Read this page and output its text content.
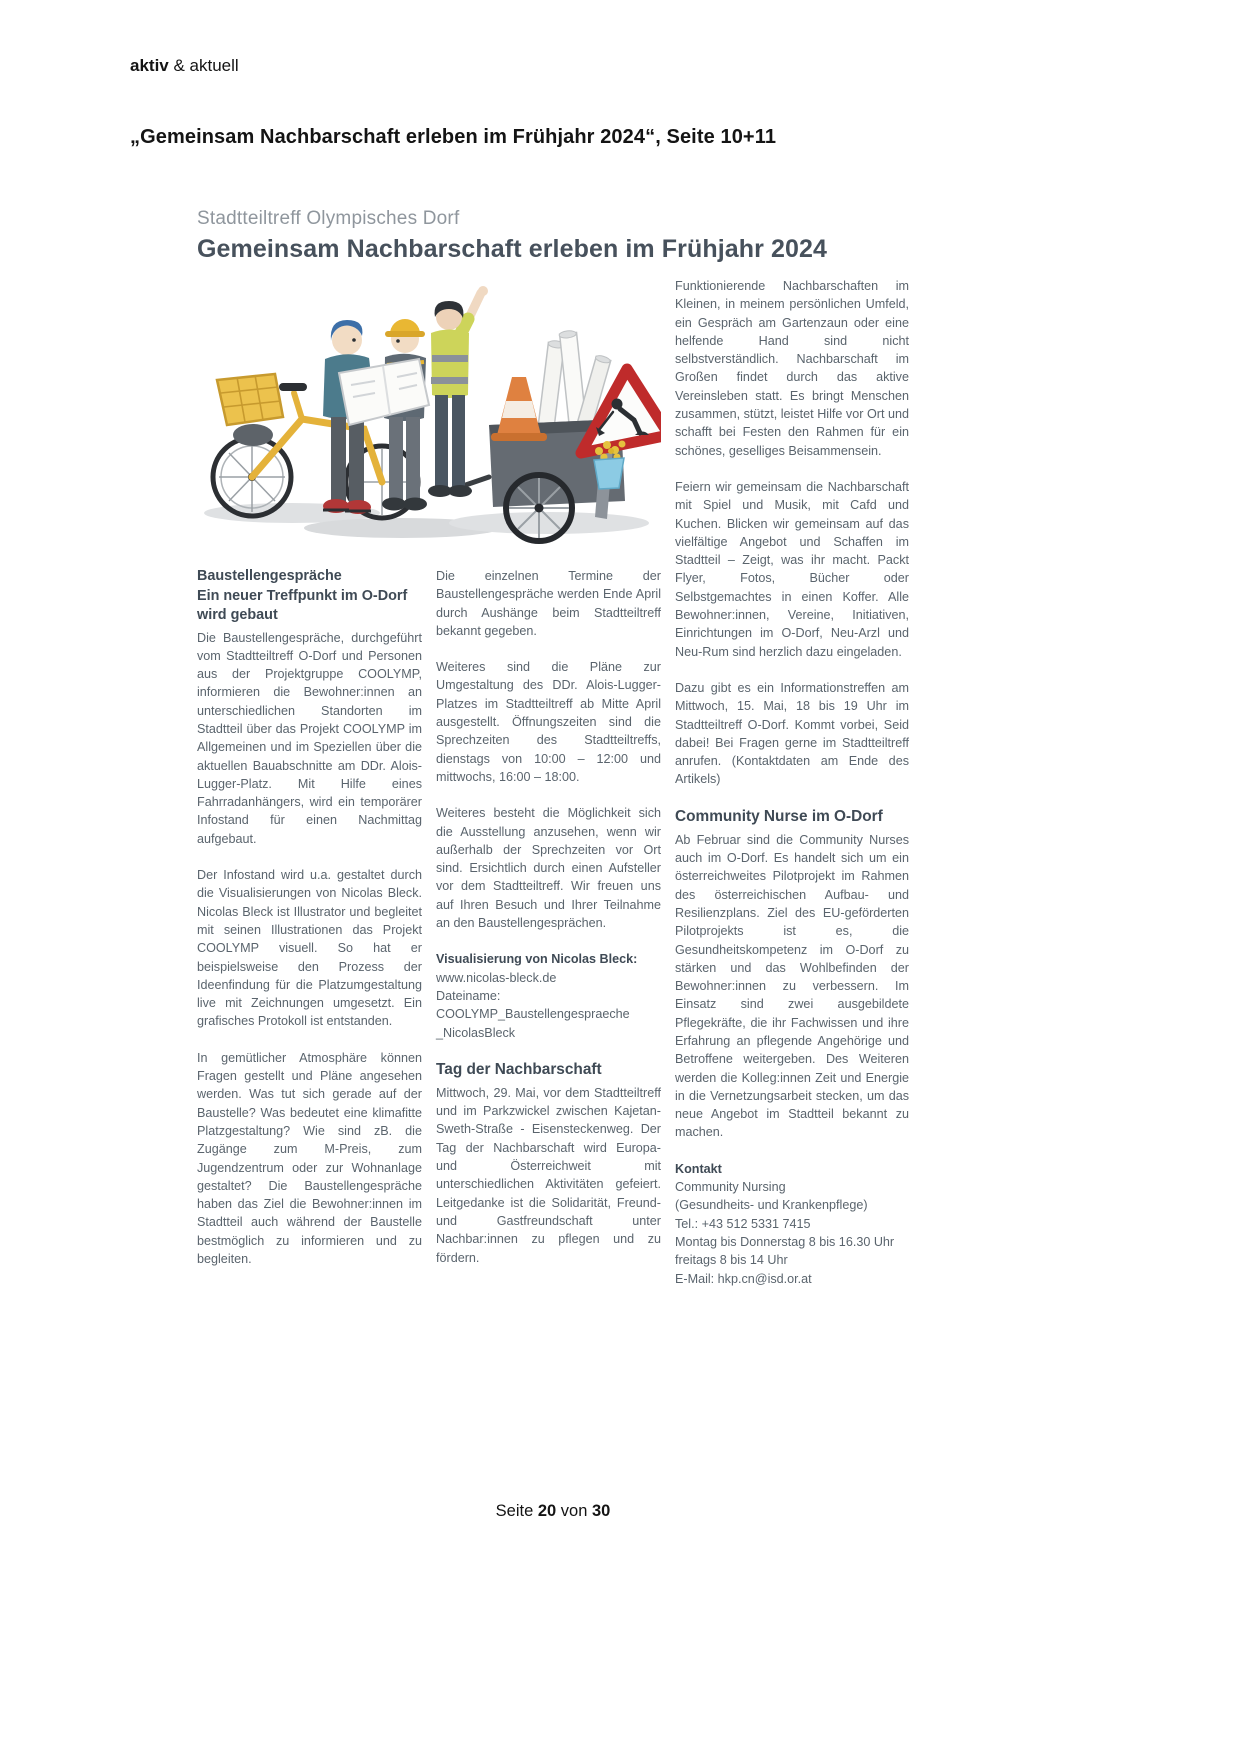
aktiv & aktuell
„Gemeinsam Nachbarschaft erleben im Frühjahr 2024“, Seite 10+11
Stadtteiltreff Olympisches Dorf
Gemeinsam Nachbarschaft erleben im Frühjahr 2024
Baustellengespräche
Ein neuer Treffpunkt im O-Dorf wird gebaut

Die Baustellengespräche, durchgeführt vom Stadtteiltreff O-Dorf und Personen aus der Projektgruppe COOLYMP, informieren die Bewohner:innen an unterschiedlichen Standorten im Stadtteil über das Projekt COOLYMP im Allgemeinen und im Speziellen über die aktuellen Bauabschnitte am DDr. Alois-Lugger-Platz. Mit Hilfe eines Fahrradanhängers, wird ein temporärer Infostand für einen Nachmittag aufgebaut.

Der Infostand wird u.a. gestaltet durch die Visualisierungen von Nicolas Bleck. Nicolas Bleck ist Illustrator und begleitet mit seinen Illustrationen das Projekt COOLYMP visuell. So hat er beispielsweise den Prozess der Ideenfindung für die Platzumgestaltung live mit Zeichnungen umgesetzt. Ein grafisches Protokoll ist entstanden.

In gemütlicher Atmosphäre können Fragen gestellt und Pläne angesehen werden. Was tut sich gerade auf der Baustelle? Was bedeutet eine klimafitte Platzgestaltung? Wie sind zB. die Zugänge zum M-Preis, zum Jugendzentrum oder zur Wohnanlage gestaltet? Die Baustellengespräche haben das Ziel die Bewohner:innen im Stadtteil auch während der Baustelle bestmöglich zu informieren und zu begleiten.

Die einzelnen Termine der Baustellengespräche werden Ende April durch Aushänge beim Stadtteiltreff bekannt gegeben.

Weiteres sind die Pläne zur Umgestaltung des DDr. Alois-Lugger-Platzes im Stadtteiltreff ab Mitte April ausgestellt. Öffnungszeiten sind die Sprechzeiten des Stadtteiltreffs, dienstags von 10:00 – 12:00 und mittwochs, 16:00 – 18:00.

Weiteres besteht die Möglichkeit sich die Ausstellung anzusehen, wenn wir außerhalb der Sprechzeiten vor Ort sind. Ersichtlich durch einen Aufsteller vor dem Stadtteiltreff. Wir freuen uns auf Ihren Besuch und Ihrer Teilnahme an den Baustellengesprächen.

Visualisierung von Nicolas Bleck:
www.nicolas-bleck.de
Dateiname:
COOLYMP_Baustellengespraeche
_NicolasBleck
Tag der Nachbarschaft

Mittwoch, 29. Mai, vor dem Stadtteiltreff und im Parkzwickel zwischen Kajetan-Sweth-Straße - Eisensteckenweg. Der Tag der Nachbarschaft wird Europa- und Österreichweit mit unterschiedlichen Aktivitäten gefeiert. Leitgedanke ist die Solidarität, Freund- und Gastfreundschaft unter Nachbar:innen zu pflegen und zu fördern.

Funktionierende Nachbarschaften im Kleinen, in meinem persönlichen Umfeld, ein Gespräch am Gartenzaun oder eine helfende Hand sind nicht selbstverständlich. Nachbarschaft im Großen findet durch das aktive Vereinsleben statt. Es bringt Menschen zusammen, stützt, leistet Hilfe vor Ort und schafft bei Festen den Rahmen für ein schönes, geselliges Beisammensein.

Feiern wir gemeinsam die Nachbarschaft mit Spiel und Musik, mit Cafd und Kuchen. Blicken wir gemeinsam auf das vielfältige Angebot und Schaffen im Stadtteil – Zeigt, was ihr macht. Packt Flyer, Fotos, Bücher oder Selbstgemachtes in einen Koffer. Alle Bewohner:innen, Vereine, Initiativen, Einrichtungen im O-Dorf, Neu-Arzl und Neu-Rum sind herzlich dazu eingeladen.

Dazu gibt es ein Informationstreffen am Mittwoch, 15. Mai, 18 bis 19 Uhr im Stadtteiltreff O-Dorf. Kommt vorbei, Seid dabei! Bei Fragen gerne im Stadtteiltreff anrufen. (Kontaktdaten am Ende des Artikels)

Community Nurse im O-Dorf

Ab Februar sind die Community Nurses auch im O-Dorf. Es handelt sich um ein österreichweites Pilotprojekt im Rahmen des österreichischen Aufbau- und Resilienzplans. Ziel des EU-geförderten Pilotprojekts ist es, die Gesundheitskompetenz im O-Dorf zu stärken und das Wohlbefinden der Bewohner:innen zu verbessern. Im Einsatz sind zwei ausgebildete Pflegekräfte, die ihr Fachwissen und ihre Erfahrung an pflegende Angehörige und Betroffene weitergeben. Des Weiteren werden die Kolleg:innen Zeit und Energie in die Vernetzungsarbeit stecken, um das neue Angebot im Stadtteil bekannt zu machen.

Kontakt
Community Nursing
(Gesundheits- und Krankenpflege)
Tel.: +43 512 5331 7415
Montag bis Donnerstag 8 bis 16.30 Uhr
freitags 8 bis 14 Uhr
E-Mail: hkp.cn@isd.or.at
Seite 20 von 30
